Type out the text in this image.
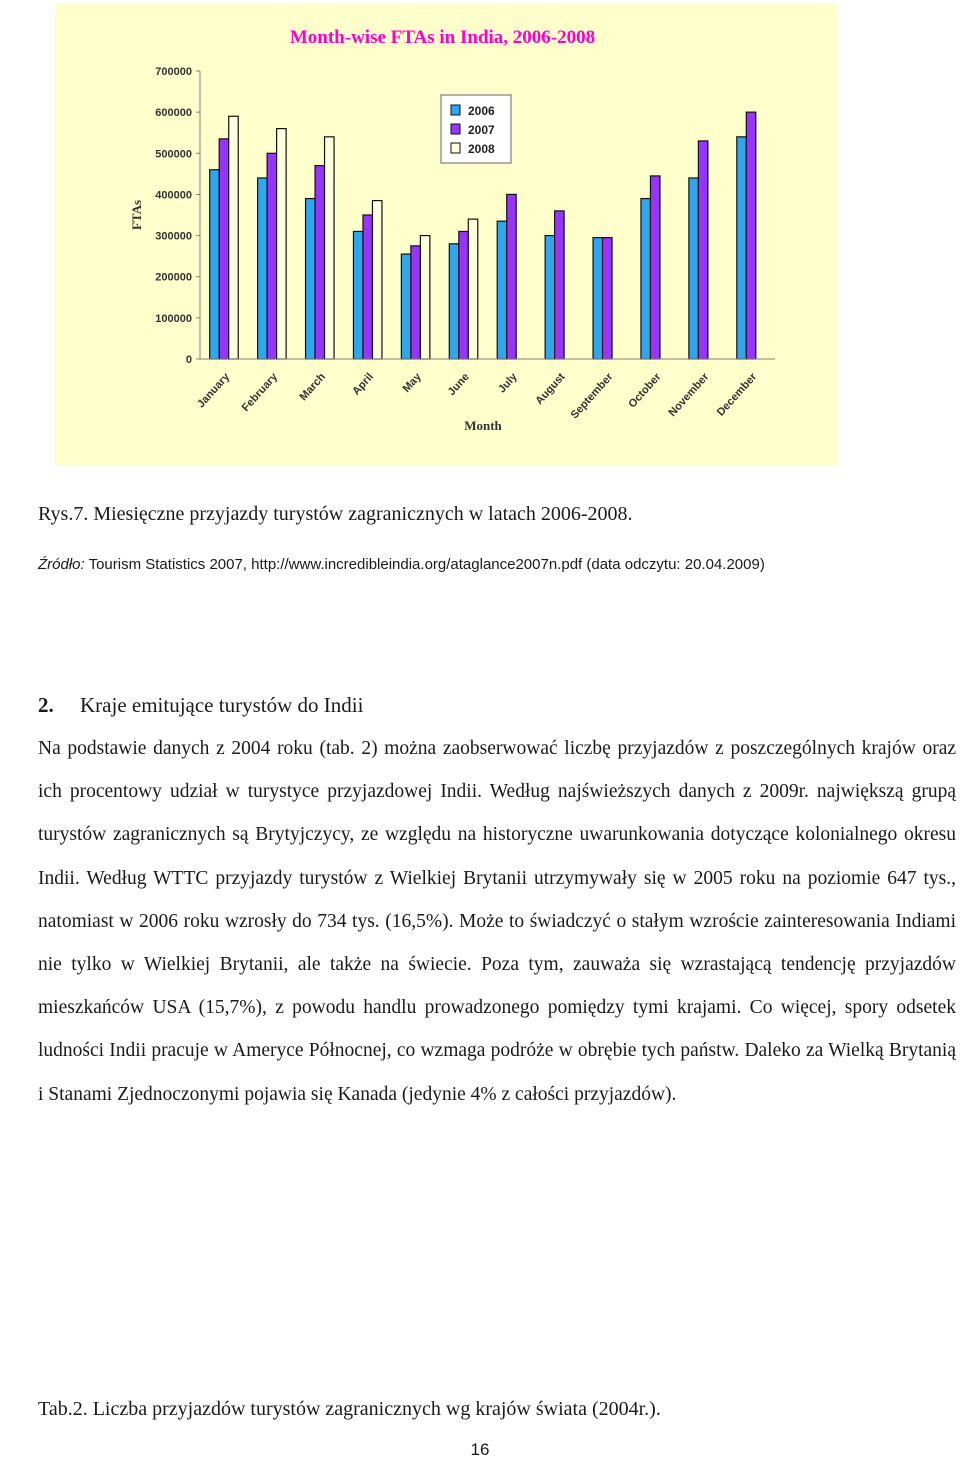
Month-wise FTAs in India, 2006-2008
0
100000
200000
300000
400000
500000
600000
700000
FTAs
January February March April May June July August September October November December
Month
2006
2007
2008
Rys.7. Miesięczne przyjazdy turystów zagranicznych w latach 2006-2008.
Źródło: Tourism Statistics 2007, http://www.incredibleindia.org/ataglance2007n.pdf (data odczytu: 20.04.2009)
2. Kraje emitujące turystów do Indii
Na podstawie danych z 2004 roku (tab. 2) można zaobserwować liczbę przyjazdów z poszczególnych krajów oraz ich procentowy udział w turystyce przyjazdowej Indii. Według najświeższych danych z 2009r. największą grupą turystów zagranicznych są Brytyjczycy, ze względu na historyczne uwarunkowania dotyczące kolonialnego okresu Indii. Według WTTC przyjazdy turystów z Wielkiej Brytanii utrzymywały się w 2005 roku na poziomie 647 tys., natomiast w 2006 roku wzrosły do 734 tys. (16,5%). Może to świadczyć o stałym wzroście zainteresowania Indiami nie tylko w Wielkiej Brytanii, ale także na świecie. Poza tym, zauważa się wzrastającą tendencję przyjazdów mieszkańców USA (15,7%), z powodu handlu prowadzonego pomiędzy tymi krajami. Co więcej, spory odsetek ludności Indii pracuje w Ameryce Północnej, co wzmaga podróże w obrębie tych państw. Daleko za Wielką Brytanią i Stanami Zjednoczonymi pojawia się Kanada (jedynie 4% z całości przyjazdów).
Tab.2. Liczba przyjazdów turystów zagranicznych wg krajów świata (2004r.).
16
